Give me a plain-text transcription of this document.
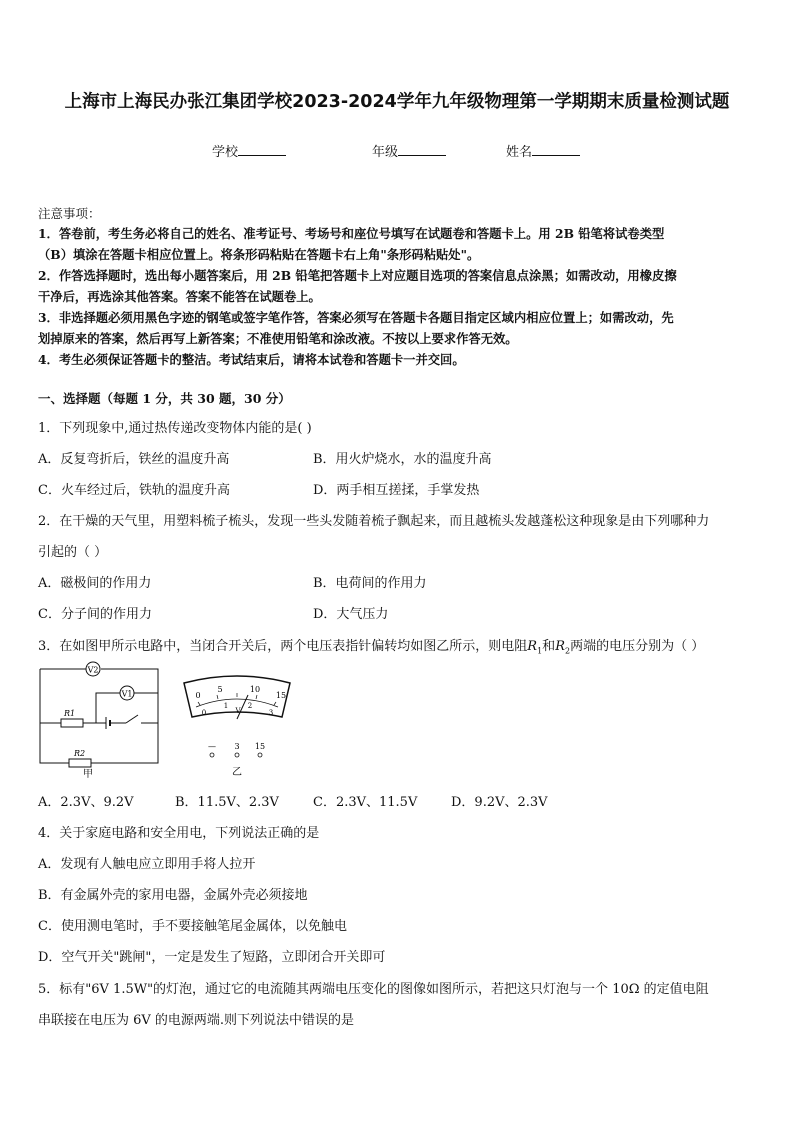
上海市上海民办张江集团学校2023-2024学年九年级物理第一学期期末质量检测试题
学校	年级	姓名
注意事项：
1．答卷前，考生务必将自己的姓名、准考证号、考场号和座位号填写在试题卷和答题卡上。用 2B 铅笔将试卷类型
（B）填涂在答题卡相应位置上。将条形码粘贴在答题卡右上角"条形码粘贴处"。
2．作答选择题时，选出每小题答案后，用 2B 铅笔把答题卡上对应题目选项的答案信息点涂黑；如需改动，用橡皮擦
干净后，再选涂其他答案。答案不能答在试题卷上。
3．非选择题必须用黑色字迹的钢笔或签字笔作答，答案必须写在答题卡各题目指定区域内相应位置上；如需改动，先
划掉原来的答案，然后再写上新答案；不准使用铅笔和涂改液。不按以上要求作答无效。
4．考生必须保证答题卡的整洁。考试结束后，请将本试卷和答题卡一并交回。
一、选择题（每题 1 分，共 30 题，30 分）
1．下列现象中,通过热传递改变物体内能的是( )
A．反复弯折后，铁丝的温度升高	B．用火炉烧水，水的温度升高
C．火车经过后，铁轨的温度升高	D．两手相互搓揉，手掌发热
2．在干燥的天气里，用塑料梳子梳头，发现一些头发随着梳子飘起来，而且越梳头发越蓬松这种现象是由下列哪种力
引起的（ ）
A．磁极间的作用力	B．电荷间的作用力
C．分子间的作用力	D．大气压力
3．在如图甲所示电路中，当闭合开关后，两个电压表指针偏转均如图乙所示，则电阻$R_1$和$R_2$两端的电压分别为（ ）
V2
V1
R1
R2
甲
0
5	10
15
0
1	2
3
V
— 3 15
乙
A．2.3V、9.2V	B．11.5V、2.3V	C．2.3V、11.5V	D．9.2V、2.3V
4．关于家庭电路和安全用电，下列说法正确的是
A．发现有人触电应立即用手将人拉开
B．有金属外壳的家用电器，金属外壳必须接地
C．使用测电笔时，手不要接触笔尾金属体，以免触电
D．空气开关"跳闸"，一定是发生了短路，立即闭合开关即可
5．标有"6V 1.5W"的灯泡，通过它的电流随其两端电压变化的图像如图所示，若把这只灯泡与一个 10Ω 的定值电阻
串联接在电压为 6V 的电源两端.则下列说法中错误的是
